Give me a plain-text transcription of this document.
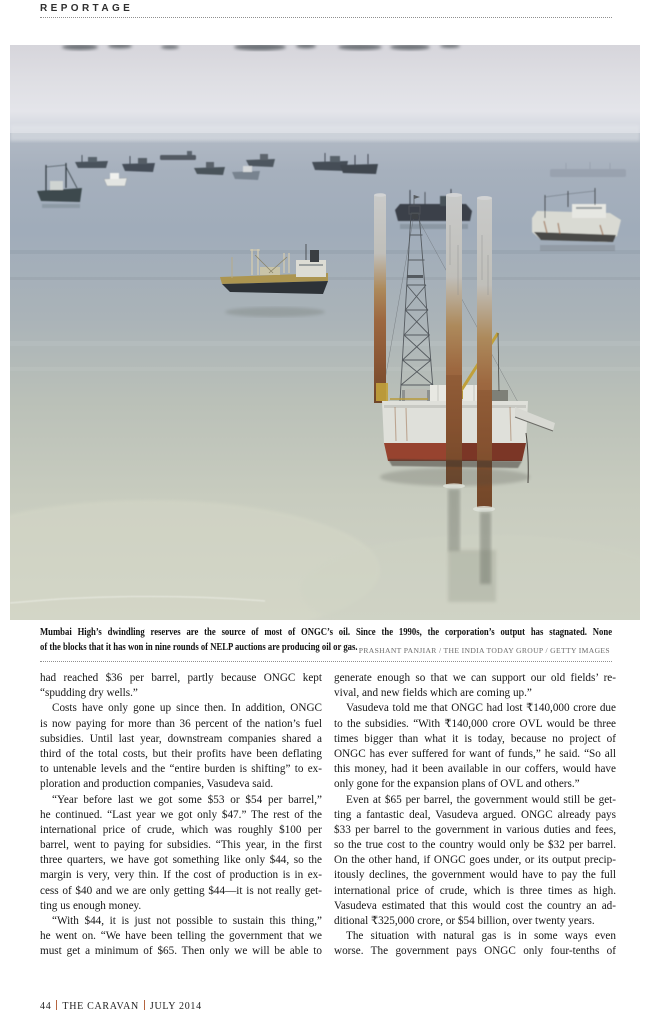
REPORTAGE
Mumbai High’s dwindling reserves are the source of most of ONGC’s oil. Since the 1990s, the corporation’s output has stagnated. None
of the blocks that it has won in nine rounds of NELP auctions are producing oil or gas. PRASHANT PANJIAR / THE INDIA TODAY GROUP / GETTY IMAGES
had reached $36 per barrel, partly because ONGC kept
“spudding dry wells.”
Costs have only gone up since then. In addition, ONGC
is now paying for more than 36 percent of the nation’s fuel
subsidies. Until last year, downstream companies shared a
third of the total costs, but their profits have been deflating
to untenable levels and the “entire burden is shifting” to ex-
ploration and production companies, Vasudeva said.
“Year before last we got some $53 or $54 per barrel,”
he continued. “Last year we got only $47.” The rest of the
international price of crude, which was roughly $100 per
barrel, went to paying for subsidies. “This year, in the first
three quarters, we have got something like only $44, so the
margin is very, very thin. If the cost of production is in ex-
cess of $40 and we are only getting $44—it is not really get-
ting us enough money.
“With $44, it is just not possible to sustain this thing,”
he went on. “We have been telling the government that we
must get a minimum of $65. Then only we will be able to
generate enough so that we can support our old fields’ re-
vival, and new fields which are coming up.”
Vasudeva told me that ONGC had lost ₹140,000 crore due
to the subsidies. “With ₹140,000 crore OVL would be three
times bigger than what it is today, because no project of
ONGC has ever suffered for want of funds,” he said. “So all
this money, had it been available in our coffers, would have
only gone for the expansion plans of OVL and others.”
Even at $65 per barrel, the government would still be get-
ting a fantastic deal, Vasudeva argued. ONGC already pays
$33 per barrel to the government in various duties and fees,
so the true cost to the country would only be $32 per barrel.
On the other hand, if ONGC goes under, or its output precip-
itously declines, the government would have to pay the full
international price of crude, which is three times as high.
Vasudeva estimated that this would cost the country an ad-
ditional ₹325,000 crore, or $54 billion, over twenty years.
The situation with natural gas is in some ways even
worse. The government pays ONGC only four-tenths of
44 THE CARAVAN JULY 2014
